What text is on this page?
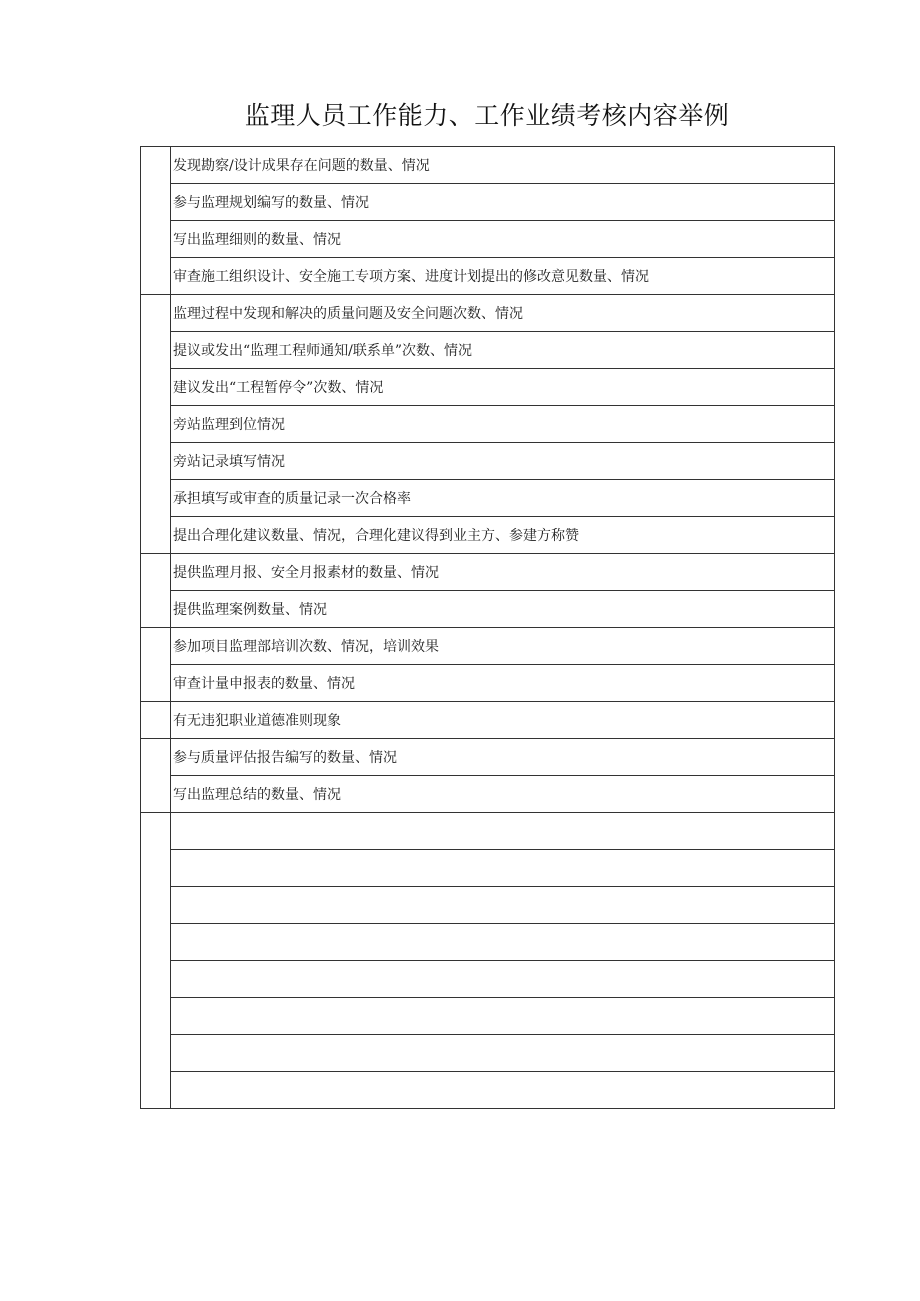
监理人员工作能力、工作业绩考核内容举例
	发现勘察/设计成果存在问题的数量、情况
	参与监理规划编写的数量、情况
	写出监理细则的数量、情况
	审查施工组织设计、安全施工专项方案、进度计划提出的修改意见数量、情况
	监理过程中发现和解决的质量问题及安全问题次数、情况
	提议或发出“监理工程师通知/联系单”次数、情况
	建议发出“工程暂停令”次数、情况
	旁站监理到位情况
	旁站记录填写情况
	承担填写或审查的质量记录一次合格率
	提出合理化建议数量、情况，合理化建议得到业主方、参建方称赞
	提供监理月报、安全月报素材的数量、情况
	提供监理案例数量、情况
	参加项目监理部培训次数、情况，培训效果
	审查计量申报表的数量、情况
	有无违犯职业道德准则现象
	参与质量评估报告编写的数量、情况
	写出监理总结的数量、情况
